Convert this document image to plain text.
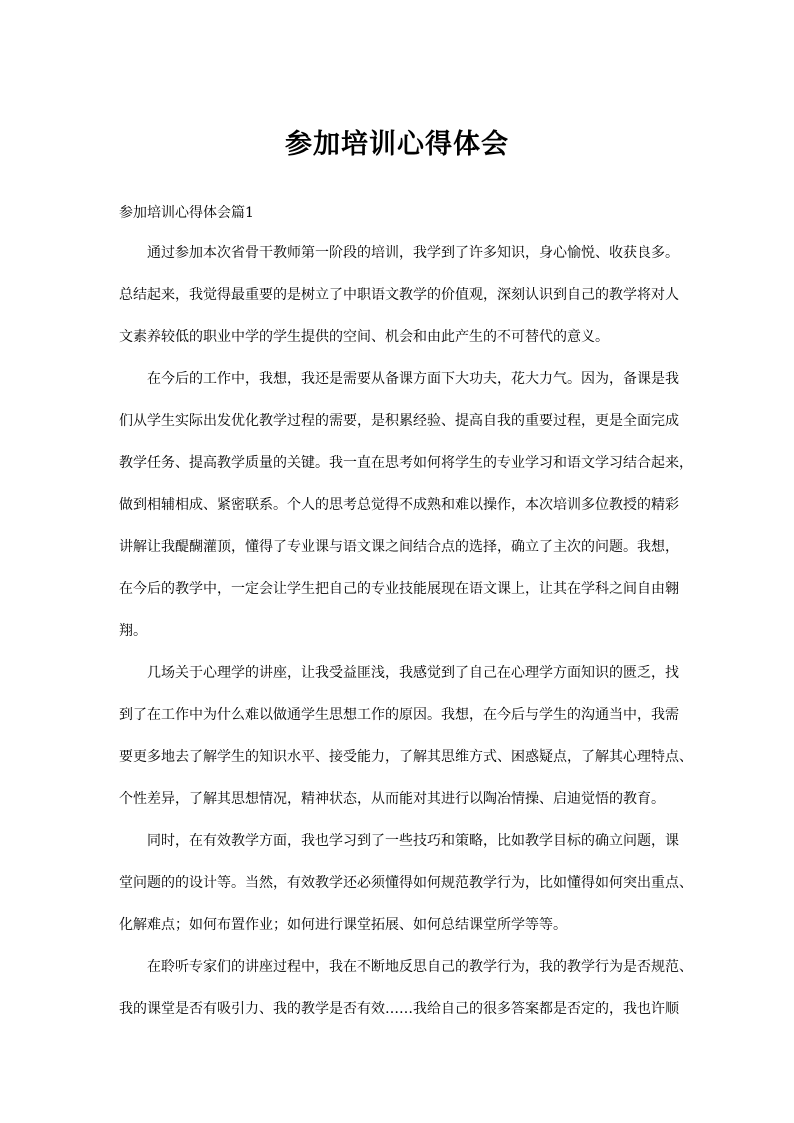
参加培训心得体会

参加培训心得体会篇1

通过参加本次省骨干教师第一阶段的培训，我学到了许多知识，身心愉悦、收获良多。
总结起来，我觉得最重要的是树立了中职语文教学的价值观，深刻认识到自己的教学将对人
文素养较低的职业中学的学生提供的空间、机会和由此产生的不可替代的意义。

在今后的工作中，我想，我还是需要从备课方面下大功夫，花大力气。因为，备课是我
们从学生实际出发优化教学过程的需要，是积累经验、提高自我的重要过程，更是全面完成
教学任务、提高教学质量的关键。我一直在思考如何将学生的专业学习和语文学习结合起来，
做到相辅相成、紧密联系。个人的思考总觉得不成熟和难以操作，本次培训多位教授的精彩
讲解让我醍醐灌顶，懂得了专业课与语文课之间结合点的选择，确立了主次的问题。我想，
在今后的教学中，一定会让学生把自己的专业技能展现在语文课上，让其在学科之间自由翱
翔。

几场关于心理学的讲座，让我受益匪浅，我感觉到了自己在心理学方面知识的匮乏，找
到了在工作中为什么难以做通学生思想工作的原因。我想，在今后与学生的沟通当中，我需
要更多地去了解学生的知识水平、接受能力，了解其思维方式、困惑疑点，了解其心理特点、
个性差异，了解其思想情况，精神状态，从而能对其进行以陶冶情操、启迪觉悟的教育。

同时，在有效教学方面，我也学习到了一些技巧和策略，比如教学目标的确立问题，课
堂问题的的设计等。当然，有效教学还必须懂得如何规范教学行为，比如懂得如何突出重点、
化解难点；如何布置作业；如何进行课堂拓展、如何总结课堂所学等等。

在聆听专家们的讲座过程中，我在不断地反思自己的教学行为，我的教学行为是否规范、
我的课堂是否有吸引力、我的教学是否有效……我给自己的很多答案都是否定的，我也许顺
